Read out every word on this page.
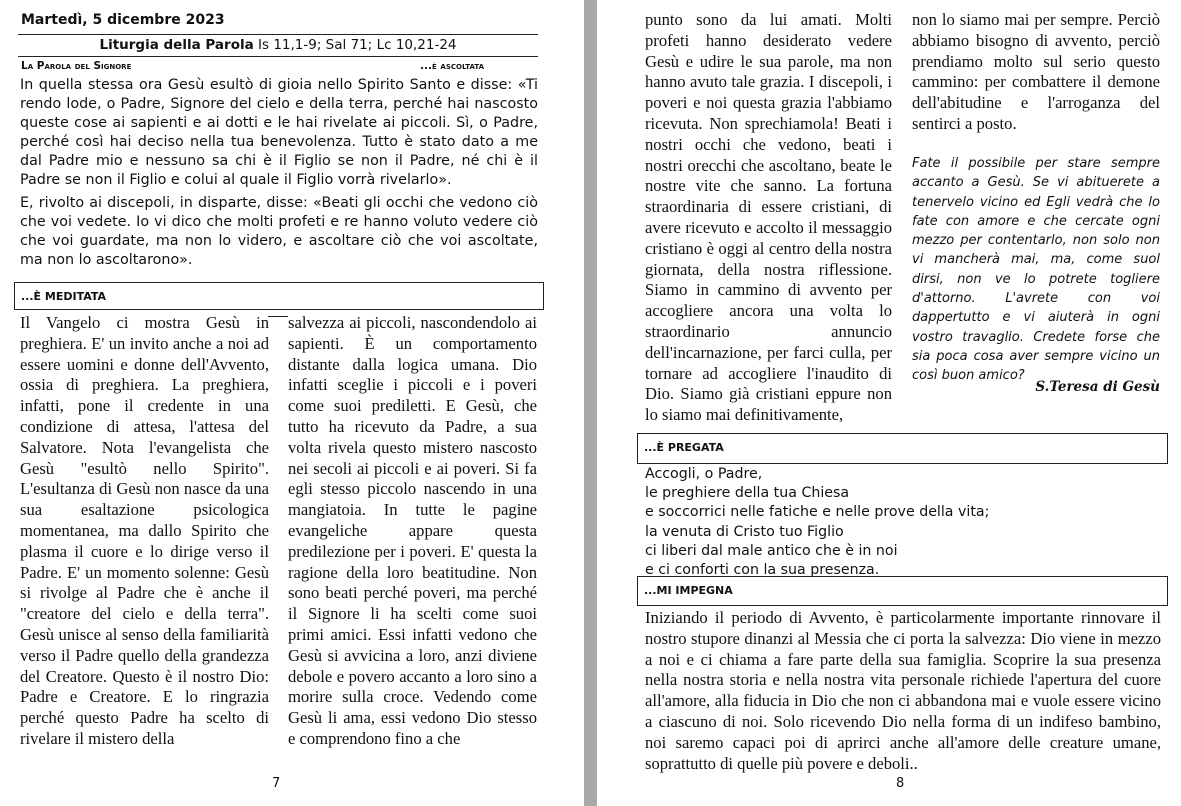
Martedì, 5 dicembre 2023
Liturgia della Parola Is 11,1-9; Sal 71; Lc 10,21-24
La Parola del Signore	...è ascoltata

In quella stessa ora Gesù esultò di gioia nello Spirito Santo e disse: «Ti rendo lode, o Padre, Signore del cielo e della terra, perché hai nascosto queste cose ai sapienti e ai dotti e le hai rivelate ai piccoli. Sì, o Padre, perché così hai deciso nella tua benevolenza. Tutto è stato dato a me dal Padre mio e nessuno sa chi è il Figlio se non il Padre, né chi è il Padre se non il Figlio e colui al quale il Figlio vorrà rivelarlo».

E, rivolto ai discepoli, in disparte, disse: «Beati gli occhi che vedono ciò che voi vedete. Io vi dico che molti profeti e re hanno voluto vedere ciò che voi guardate, ma non lo videro, e ascoltare ciò che voi ascoltate, ma non lo ascoltarono».

...È MEDITATA
Il Vangelo ci mostra Gesù in preghiera. E' un invito anche a noi ad essere uomini e donne dell'Avvento, ossia di preghiera. La preghiera, infatti, pone il credente in una condizione di attesa, l'attesa del Salvatore. Nota l'evangelista che Gesù "esultò nello Spirito". L'esultanza di Gesù non nasce da una sua esaltazione psicologica momentanea, ma dallo Spirito che plasma il cuore e lo dirige verso il Padre. E' un momento solenne: Gesù si rivolge al Padre che è anche il "creatore del cielo e della terra". Gesù unisce al senso della familiarità verso il Padre quello della grandezza del Creatore. Questo è il nostro Dio: Padre e Creatore. E lo ringrazia perché questo Padre ha scelto di rivelare il mistero della
salvezza ai piccoli, nascondendolo ai sapienti. È un comportamento distante dalla logica umana. Dio infatti sceglie i piccoli e i poveri come suoi prediletti. E Gesù, che tutto ha ricevuto da Padre, a sua volta rivela questo mistero nascosto nei secoli ai piccoli e ai poveri. Si fa egli stesso piccolo nascendo in una mangiatoia. In tutte le pagine evangeliche appare questa predilezione per i poveri. E' questa la ragione della loro beatitudine. Non sono beati perché poveri, ma perché il Signore li ha scelti come suoi primi amici. Essi infatti vedono che Gesù si avvicina a loro, anzi diviene debole e povero accanto a loro sino a morire sulla croce. Vedendo come Gesù li ama, essi vedono Dio stesso e comprendono fino a che
7
punto sono da lui amati. Molti profeti hanno desiderato vedere Gesù e udire le sua parole, ma non hanno avuto tale grazia. I discepoli, i poveri e noi questa grazia l'abbiamo ricevuta. Non sprechiamola! Beati i nostri occhi che vedono, beati i nostri orecchi che ascoltano, beate le nostre vite che sanno. La fortuna straordinaria di essere cristiani, di avere ricevuto e accolto il messaggio cristiano è oggi al centro della nostra giornata, della nostra riflessione. Siamo in cammino di avvento per accogliere ancora una volta lo straordinario annuncio dell'incarnazione, per farci culla, per tornare ad accogliere l'inaudito di Dio. Siamo già cristiani eppure non lo siamo mai definitivamente,
non lo siamo mai per sempre. Perciò abbiamo bisogno di avvento, perciò prendiamo molto sul serio questo cammino: per combattere il demone dell'abitudine e l'arroganza del sentirci a posto.
Fate il possibile per stare sempre accanto a Gesù. Se vi abituerete a tenervelo vicino ed Egli vedrà che lo fate con amore e che cercate ogni mezzo per contentarlo, non solo non vi mancherà mai, ma, come suol dirsi, non ve lo potrete togliere d'attorno. L'avrete con voi dappertutto e vi aiuterà in ogni vostro travaglio. Credete forse che sia poca cosa aver sempre vicino un così buon amico?
S.Teresa di Gesù
...È PREGATA
Accogli, o Padre,
le preghiere della tua Chiesa
e soccorrici nelle fatiche e nelle prove della vita;
la venuta di Cristo tuo Figlio
ci liberi dal male antico che è in noi
e ci conforti con la sua presenza.
...MI IMPEGNA
Iniziando il periodo di Avvento, è particolarmente importante rinnovare il nostro stupore dinanzi al Messia che ci porta la salvezza: Dio viene in mezzo a noi e ci chiama a fare parte della sua famiglia. Scoprire la sua presenza nella nostra storia e nella nostra vita personale richiede l'apertura del cuore all'amore, alla fiducia in Dio che non ci abbandona mai e vuole essere vicino a ciascuno di noi. Solo ricevendo Dio nella forma di un indifeso bambino, noi saremo capaci poi di aprirci anche all'amore delle creature umane, soprattutto di quelle più povere e deboli..
8
